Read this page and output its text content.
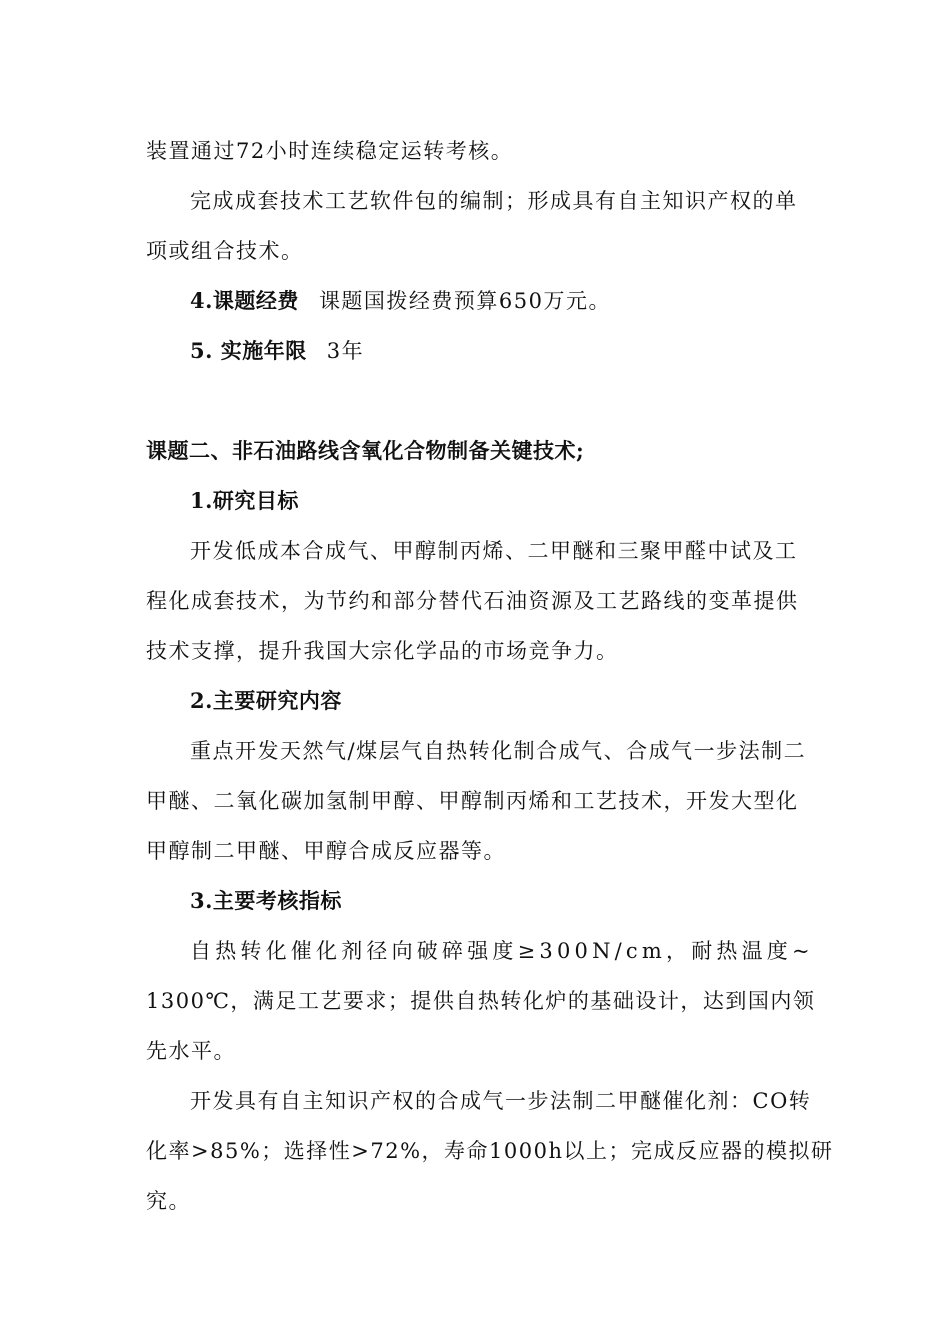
装置通过72小时连续稳定运转考核。
完成成套技术工艺软件包的编制；形成具有自主知识产权的单
项或组合技术。
4.课题经费 课题国拨经费预算650万元。
5. 实施年限 3年
课题二、非石油路线含氧化合物制备关键技术;
1.研究目标
开发低成本合成气、甲醇制丙烯、二甲醚和三聚甲醛中试及工
程化成套技术，为节约和部分替代石油资源及工艺路线的变革提供
技术支撑，提升我国大宗化学品的市场竞争力。
2.主要研究内容
重点开发天然气/煤层气自热转化制合成气、合成气一步法制二
甲醚、二氧化碳加氢制甲醇、甲醇制丙烯和工艺技术，开发大型化
甲醇制二甲醚、甲醇合成反应器等。
3.主要考核指标
自热转化催化剂径向破碎强度≥300N/cm，耐热温度~
1300℃，满足工艺要求；提供自热转化炉的基础设计，达到国内领
先水平。
开发具有自主知识产权的合成气一步法制二甲醚催化剂：CO转
化率>85%；选择性>72%，寿命1000h以上；完成反应器的模拟研
究。
